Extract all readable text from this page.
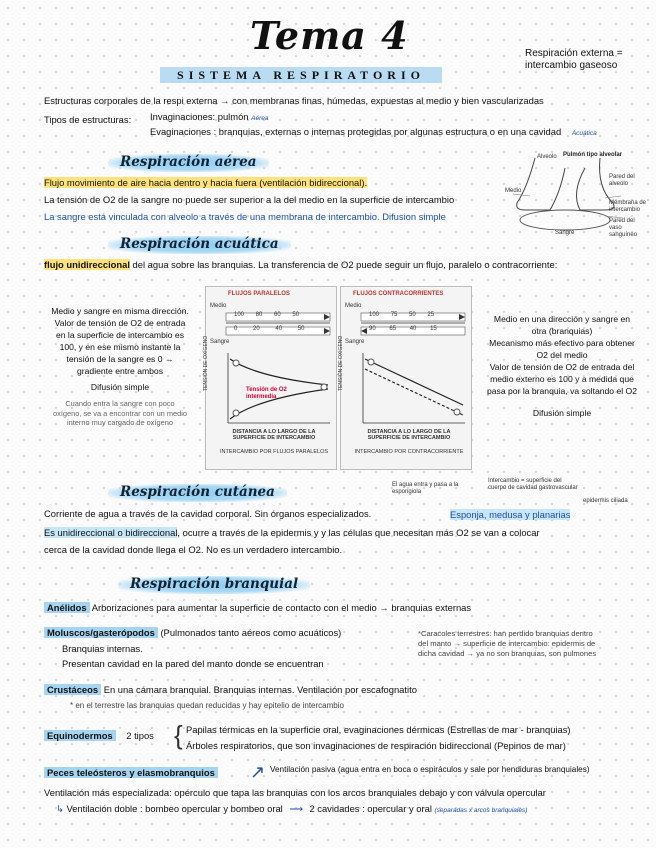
Tema 4
SISTEMA RESPIRATORIO
Respiración externa =
intercambio gaseoso
Estructuras corporales de la respi externa → con membranas finas, húmedas, expuestas al medio y bien vascularizadas
Tipos de estructuras: Invaginaciones: pulmón Aérea
Evaginaciones : branquias, externas o internas protegidas por algunas estructura o en una cavidad Acuática
Respiración aérea
Flujo movimiento de aire hacia dentro y hacia fuera (ventilación bidireccional).
La tensión de O2 de la sangre no puede ser superior a la del medio en la superficie de intercambio
La sangre está vinculada con alveolo a través de una membrana de intercambio. Difusion simple
Pulmón tipo alveolar
Alveolo
Medio
Membrana de intercambio
Pared del vaso sanguíneo
Sangre
Pared del alveolo
Respiración acuática
flujo unidireccional del agua sobre las branquias. La transferencia de O2 puede seguir un flujo, paralelo o contracorriente:
Medio y sangre en misma dirección.
Valor de tensión de O2 de entrada
en la superficie de intercambio es
100, y en ese mismo instante la
tensión de la sangre es 0 →
gradiente entre ambos
Difusión simple
Cuando entra la sangre con poco
oxígeno, se va a encontrar con un medio
interno muy cargado de oxígeno
FLUJOS PARALELOS
Medio
100 80 60 50
0	20	40	50
Sangre
Tensión de O2 intermedia
TENSIÓN DE OXÍGENO
DISTANCIA A LO LARGO DE LA SUPERFICIE DE INTERCAMBIO
INTERCAMBIO POR FLUJOS PARALELOS
FLUJOS CONTRACORRIENTES
Medio
100 75 50 25
90 65 40 15
Sangre
TENSIÓN DE OXÍGENO
DISTANCIA A LO LARGO DE LA SUPERFICIE DE INTERCAMBIO
INTERCAMBIO POR CONTRACORRIENTE
Medio en una dirección y sangre en
otra (branquias)
Mecanismo más efectivo para obtener
O2 del medio
Valor de tensión de O2 de entrada del
medio externo es 100 y a medida que
pasa por la branquia, va soltando el O2
Difusión simple
Respiración cutánea	El agua entra y pasa a la espongiola
Intercambio = superficie del cuerpo de cavidad gastrovascular
epidermis ciliada
Corriente de agua a través de la cavidad corporal. Sin órganos especializados.	Esponja, medusa y planarias
Es unidireccional o bidireccional, ocurre a través de la epidermis y y las células que necesitan más O2 se van a colocar
cerca de la cavidad donde llega el O2. No es un verdadero intercambio.
Respiración branquial
Anélidos Arborizaciones para aumentar la superficie de contacto con el medio → branquias externas
Moluscos/gasterópodos (Pulmonados tanto aéreos como acuáticos)
Branquias internas.
Presentan cavidad en la pared del manto donde se encuentran
*Caracoles terrestres: han perdido branquias dentro
del manto → superficie de intercambio: epidermis de
dicha cavidad → ya no son branquias, son pulmones
Crustáceos En una cámara branquial. Branquias internas. Ventilación por escafognatito
* en el terrestre las branquias quedan reducidas y hay epitelio de intercambio
Equinodermos 2 tipos { Papilas térmicas en la superficie oral, evaginaciones dérmicas (Estrellas de mar - branquias)
Árboles respiratorios, que son invaginaciones de respiración bidireccional (Pepinos de mar)
Peces teleósteros y elasmobranquios ↗ Ventilación pasiva (agua entra en boca o espiráculos y sale por hendiduras branquiales)
Ventilación más especializada: opérculo que tapa las branquias con los arcos branquiales debajo y con válvula opercular
↳ Ventilación doble : bombeo opercular y bombeo oral ⟶ 2 cavidades : opercular y oral (separadas x arcos branquiales)
